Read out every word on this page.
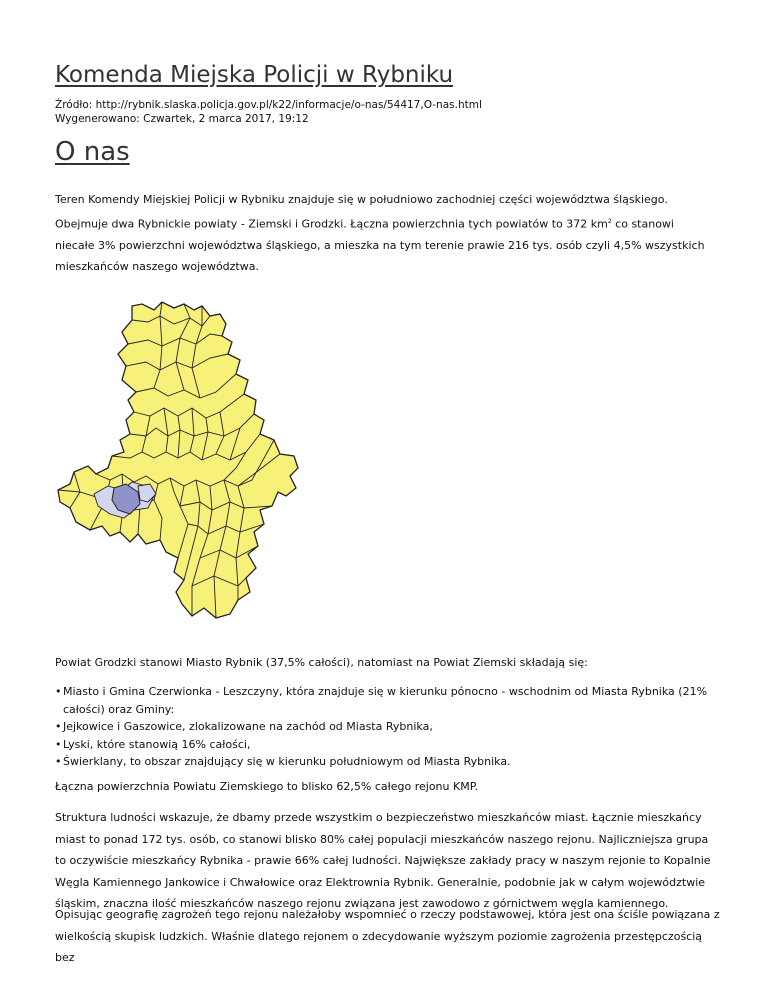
Komenda Miejska Policji w Rybniku
Źródło: http://rybnik.slaska.policja.gov.pl/k22/informacje/o-nas/54417,O-nas.html
Wygenerowano: Czwartek, 2 marca 2017, 19:12
O nas

Teren Komendy Miejskiej Policji w Rybniku znajduje się w południowo zachodniej części województwa śląskiego. Obejmuje dwa Rybnickie powiaty - Ziemski i Grodzki. Łączna powierzchnia tych powiatów to 372 $km^2$ co stanowi niecałe 3% powierzchni województwa śląskiego, a mieszka na tym terenie prawie 216 tys. osób czyli 4,5% wszystkich mieszkańców naszego województwa.

Powiat Grodzki stanowi Miasto Rybnik (37,5% całości), natomiast na Powiat Ziemski składają się:

• Miasto i Gmina Czerwionka - Leszczyny, która znajduje się w kierunku pónocno - wschodnim od Miasta Rybnika (21% całości) oraz Gminy:
• Jejkowice i Gaszowice, zlokalizowane na zachód od Miasta Rybnika,
• Lyski, które stanowią 16% całości,
• Świerklany, to obszar znajdujący się w kierunku południowym od Miasta Rybnika.

Łączna powierzchnia Powiatu Ziemskiego to blisko 62,5% całego rejonu KMP.

Struktura ludności wskazuje, że dbamy przede wszystkim o bezpieczeństwo mieszkańców miast. Łącznie mieszkańcy miast to ponad 172 tys. osób, co stanowi blisko 80% całej populacji mieszkańców naszego rejonu. Najliczniejsza grupa to oczywiście mieszkańcy Rybnika - prawie 66% całej ludności. Największe zakłady pracy w naszym rejonie to Kopalnie Węgla Kamiennego Jankowice i Chwałowice oraz Elektrownia Rybnik. Generalnie, podobnie jak w całym województwie śląskim, znaczna ilość mieszkańców naszego rejonu związana jest zawodowo z górnictwem węgla kamiennego.

Opisując geografię zagrożeń tego rejonu należałoby wspomnieć o rzeczy podstawowej, która jest ona ściśle powiązana z wielkością skupisk ludzkich. Właśnie dlatego rejonem o zdecydowanie wyższym poziomie zagrożenia przestępczością bez
